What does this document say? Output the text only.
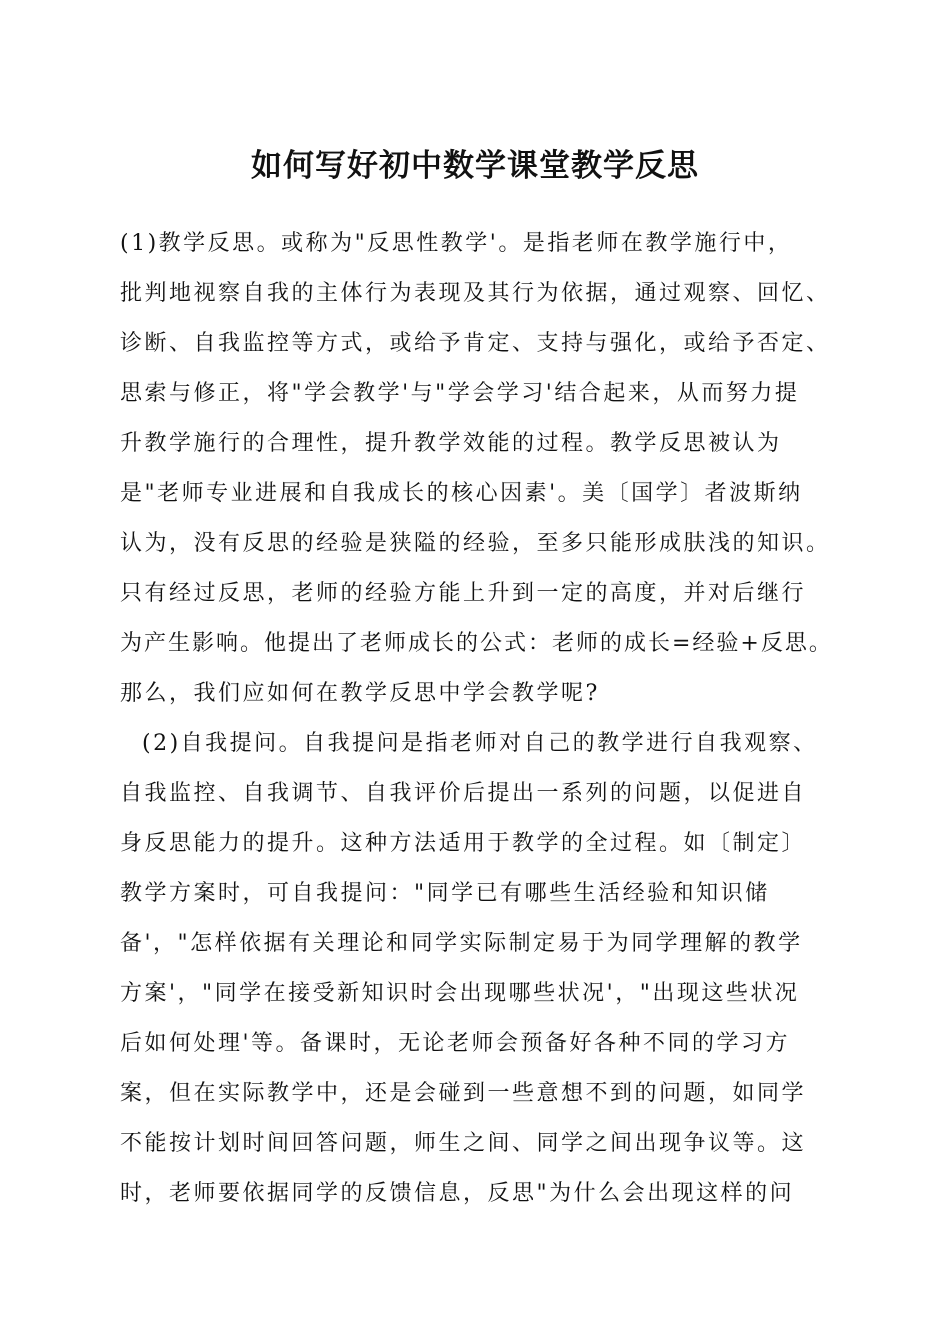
如何写好初中数学课堂教学反思
(1)教学反思。或称为"反思性教学'。是指老师在教学施行中，
批判地视察自我的主体行为表现及其行为依据，通过观察、回忆、
诊断、自我监控等方式，或给予肯定、支持与强化，或给予否定、
思索与修正，将"学会教学'与"学会学习'结合起来，从而努力提
升教学施行的合理性，提升教学效能的过程。教学反思被认为
是"老师专业进展和自我成长的核心因素'。美〔国学〕者波斯纳
认为，没有反思的经验是狭隘的经验，至多只能形成肤浅的知识。
只有经过反思，老师的经验方能上升到一定的高度，并对后继行
为产生影响。他提出了老师成长的公式：老师的成长=经验+反思。
那么，我们应如何在教学反思中学会教学呢?
(2)自我提问。自我提问是指老师对自己的教学进行自我观察、
自我监控、自我调节、自我评价后提出一系列的问题，以促进自
身反思能力的提升。这种方法适用于教学的全过程。如〔制定〕
教学方案时，可自我提问："同学已有哪些生活经验和知识储
备'，"怎样依据有关理论和同学实际制定易于为同学理解的教学
方案'，"同学在接受新知识时会出现哪些状况'，"出现这些状况
后如何处理'等。备课时，无论老师会预备好各种不同的学习方
案，但在实际教学中，还是会碰到一些意想不到的问题，如同学
不能按计划时间回答问题，师生之间、同学之间出现争议等。这
时，老师要依据同学的反馈信息，反思"为什么会出现这样的问
